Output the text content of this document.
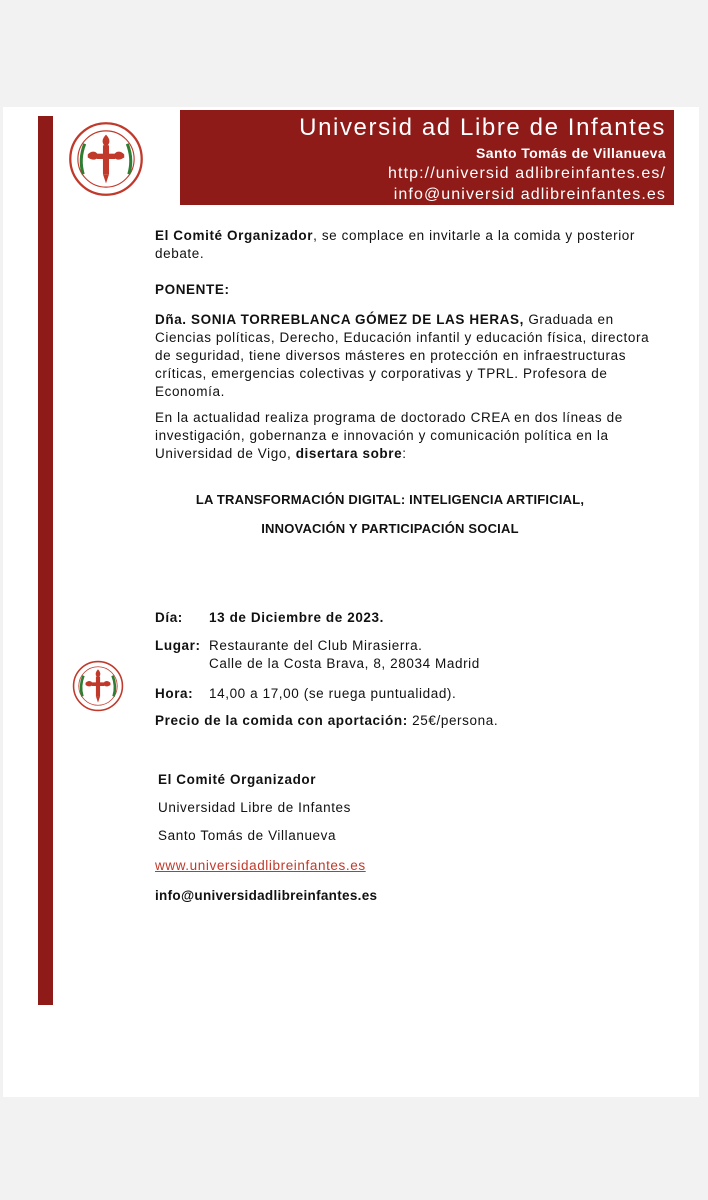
Universid ad Libre de Infantes
Santo Tomás de Villanueva
http://universid adlibreinfantes.es/
info@universid adlibreinfantes.es

El Comité Organizador, se complace en invitarle a la comida y posterior debate.

PONENTE:

Dña. SONIA TORREBLANCA GÓMEZ DE LAS HERAS, Graduada en Ciencias políticas, Derecho, Educación infantil y educación física, directora de seguridad, tiene diversos másteres en protección en infraestructuras críticas, emergencias colectivas y corporativas y TPRL. Profesora de Economía.

En la actualidad realiza programa de doctorado CREA en dos líneas de investigación, gobernanza e innovación y comunicación política en la Universidad de Vigo, disertara sobre:

LA TRANSFORMACIÓN DIGITAL: INTELIGENCIA ARTIFICIAL,
INNOVACIÓN Y PARTICIPACIÓN SOCIAL
Día: 13 de Diciembre de 2023.
Lugar: Restaurante del Club Mirasierra.
Calle de la Costa Brava, 8, 28034 Madrid
Hora: 14,00 a 17,00 (se ruega puntualidad).
Precio de la comida con aportación: 25€/persona.
El Comité Organizador
Universidad Libre de Infantes
Santo Tomás de Villanueva
www.universidadlibreinfantes.es
info@universidadlibreinfantes.es
